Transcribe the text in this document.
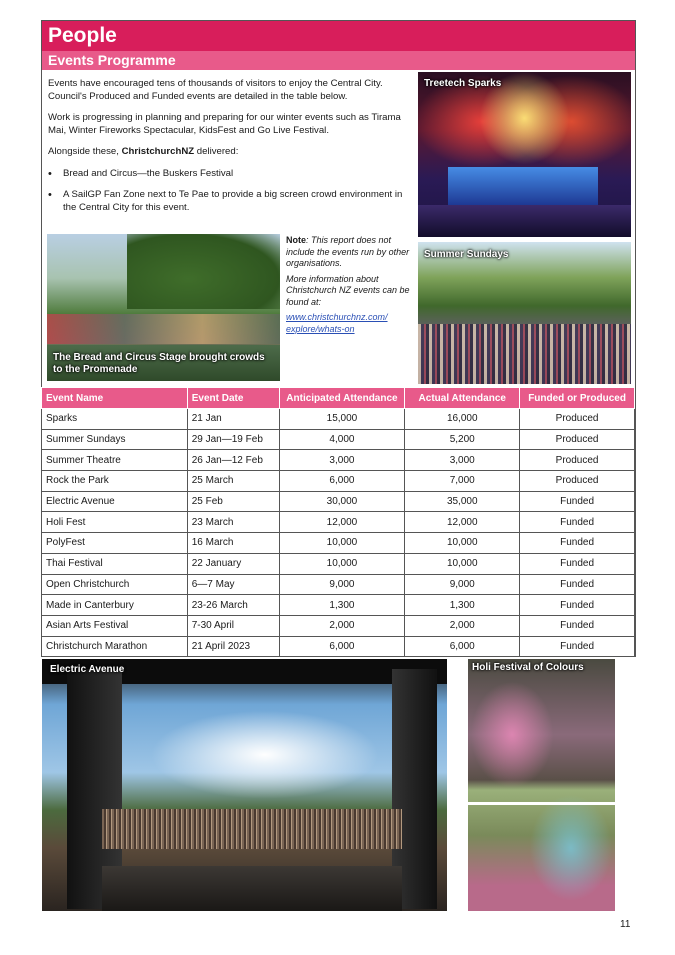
People
Events Programme

Events have encouraged tens of thousands of visitors to enjoy the Central City. Council's Produced and Funded events are detailed in the table below.

Work is progressing in planning and preparing for our winter events such as Tirama Mai, Winter Fireworks Spectacular, KidsFest and Go Live Festival.

Alongside these, ChristchurchNZ delivered:

• Bread and Circus—the Buskers Festival
• A SailGP Fan Zone next to Te Pae to provide a big screen crowd environment in the Central City for this event.
Treetech Sparks
The Bread and Circus Stage brought crowds to the Promenade

Note: This report does not include the events run by other organisations.

More information about Christchurch NZ events can be found at:

www.christchurchnz.com/ explore/whats-on

Summer Sundays
Event Name	Event Date	Anticipated Attendance	Actual Attendance	Funded or Produced
Sparks	21 Jan	15,000	16,000	Produced
Summer Sundays	29 Jan—19 Feb	4,000	5,200	Produced
Summer Theatre	26 Jan—12 Feb	3,000	3,000	Produced
Rock the Park	25 March	6,000	7,000	Produced
Electric Avenue	25 Feb	30,000	35,000	Funded
Holi Fest	23 March	12,000	12,000	Funded
PolyFest	16 March	10,000	10,000	Funded
Thai Festival	22 January	10,000	10,000	Funded
Open Christchurch	6—7 May	9,000	9,000	Funded
Made in Canterbury	23-26 March	1,300	1,300	Funded
Asian Arts Festival	7-30 April	2,000	2,000	Funded
Christchurch Marathon	21 April 2023	6,000	6,000	Funded
Electric Avenue	Holi Festival of Colours
11
